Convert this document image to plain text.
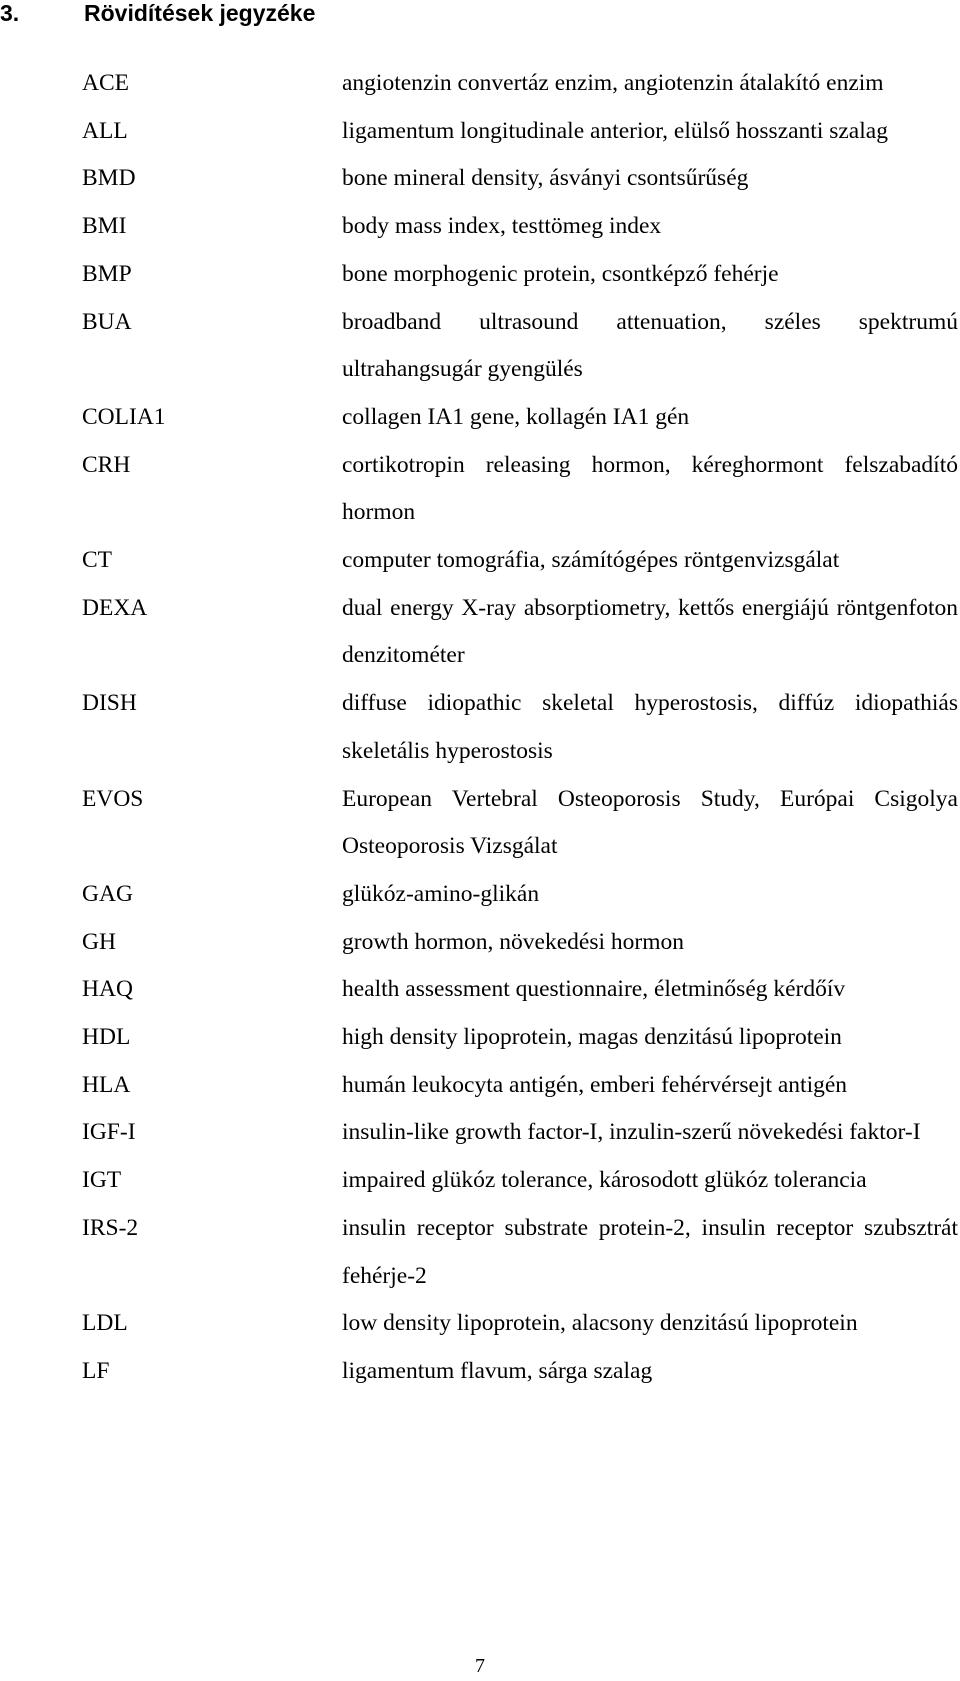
3.	Rövidítések jegyzéke
ACE	angiotenzin convertáz enzim, angiotenzin átalakító enzim
ALL	ligamentum longitudinale anterior, elülső hosszanti szalag
BMD	bone mineral density, ásványi csontsűrűség
BMI	body mass index, testtömeg index
BMP	bone morphogenic protein, csontképző fehérje
BUA	broadband ultrasound attenuation, széles spektrumú ultrahangsugár gyengülés
COLIA1	collagen IA1 gene, kollagén IA1 gén
CRH	cortikotropin releasing hormon, kéreghormont felszabadító hormon
CT	computer tomográfia, számítógépes röntgenvizsgálat
DEXA	dual energy X-ray absorptiometry, kettős energiájú röntgenfoton denzitométer
DISH	diffuse idiopathic skeletal hyperostosis, diffúz idiopathiás skeletális hyperostosis
EVOS	European Vertebral Osteoporosis Study, Európai Csigolya Osteoporosis Vizsgálat
GAG	glükóz-amino-glikán
GH	growth hormon, növekedési hormon
HAQ	health assessment questionnaire, életminőség kérdőív
HDL	high density lipoprotein, magas denzitású lipoprotein
HLA	humán leukocyta antigén, emberi fehérvérsejt antigén
IGF-I	insulin-like growth factor-I, inzulin-szerű növekedési faktor-I
IGT	impaired glükóz tolerance, károsodott glükóz tolerancia
IRS-2	insulin receptor substrate protein-2, insulin receptor szubsztrát fehérje-2
LDL	low density lipoprotein, alacsony denzitású lipoprotein
LF	ligamentum flavum, sárga szalag
7
